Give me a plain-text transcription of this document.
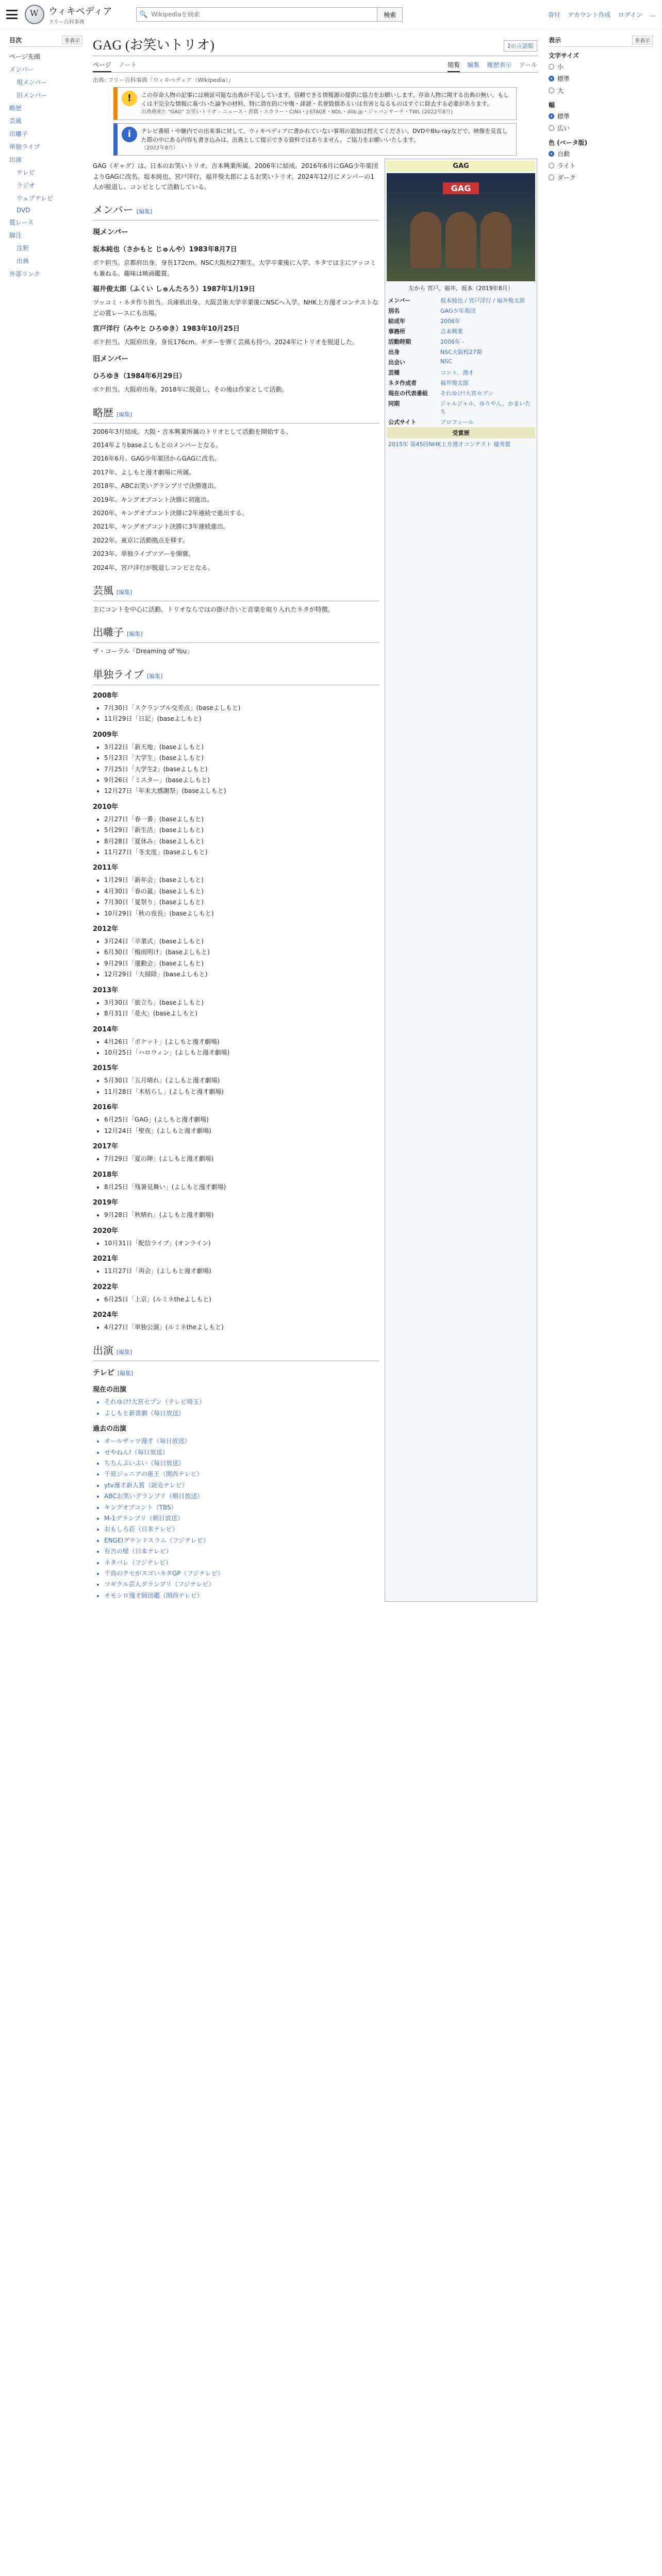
W
ウィキペディア
フリー百科事典
🔍
Wikipediaを検索	検索	寄付 アカウント作成 ログイン …
目次	非表示
ページ先頭
メンバー
現メンバー
旧メンバー
略歴
芸風
出囃子
単独ライブ
出演
テレビ
ラジオ
ウェブテレビ
DVD
賞レース
脚注
注釈
出典
外部リンク
GAG (お笑いトリオ)	2の言語版
ページ ノート	閲覧 編集 履歴表示 ツール
出典: フリー百科事典『ウィキペディア（Wikipedia）』
!	この存命人物の記事には検証可能な出典が不足しています。信頼できる情報源の提供に協力をお願いします。存命人物に関する出典の無い、もしくは不完全な情報に基づいた論争の材料、特に潜在的に中傷・誹謗・名誉毀損あるいは有害となるものはすぐに除去する必要があります。
出典検索?: "GAG" お笑いトリオ – ニュース・書籍・スカラー・CiNii・J-STAGE・NDL・dlib.jp・ジャパンサーチ・TWL (2022年8月)
i	テレビ番組・中継内での出来事に対して、ウィキペディアに書かれていない事項の追加は控えてください。DVDやBlu-rayなどで、映像を見直した際の中にある内容も書き込みは、出典として提示できる資料ではありません。ご協力をお願いいたします。
（2022年8月）

GAG（ギャグ）は、日本のお笑いトリオ。吉本興業所属。2006年に結成。2016年6月にGAG少年楽団よりGAGに改名。坂本純也、宮戸洋行、福井俊太郎によるお笑いトリオ。2024年12月にメンバーの1人が脱退し、コンビとして活動している。

メンバー [編集]
現メンバー
坂本純也（さかもと じゅんや）1983年8月7日

ボケ担当。京都府出身。身長172cm。NSC大阪校27期生。大学卒業後に入学。ネタでは主にツッコミも兼ねる。趣味は映画鑑賞。

福井俊太郎（ふくい しゅんたろう）1987年1月19日

ツッコミ・ネタ作り担当。兵庫県出身。大阪芸術大学卒業後にNSCへ入学。NHK上方漫才コンテストなどの賞レースにも出場。

宮戸洋行（みやと ひろゆき）1983年10月25日

ボケ担当。大阪府出身。身長176cm。ギターを弾く芸風も持つ。2024年にトリオを脱退した。

旧メンバー
ひろゆき（1984年6月29日）

ボケ担当。大阪府出身。2018年に脱退し、その後は作家として活動。

略歴 [編集]

2006年3月結成。大阪・吉本興業所属のトリオとして活動を開始する。

2014年よりbaseよしもとのメンバーとなる。

2016年6月、GAG少年楽団からGAGに改名。

2017年、よしもと漫才劇場に所属。

2018年、ABCお笑いグランプリで決勝進出。

2019年、キングオブコント決勝に初進出。

2020年、キングオブコント決勝に2年連続で進出する。

2021年、キングオブコント決勝に3年連続進出。

2022年、東京に活動拠点を移す。

2023年、単独ライブツアーを開催。

2024年、宮戸洋行が脱退しコンビとなる。

芸風 [編集]

主にコントを中心に活動。トリオならではの掛け合いと音楽を取り入れたネタが特徴。

出囃子 [編集]

ザ・コーラル「Dreaming of You」

単独ライブ [編集]
2008年
• 7月30日「スクランブル交差点」(baseよしもと)
• 11月29日「日記」(baseよしもと)
2009年
• 3月22日「新天地」(baseよしもと)
• 5月23日「大学生」(baseよしもと)
• 7月25日「大学生2」(baseよしもと)
• 9月26日「ミスター」(baseよしもと)
• 12月27日「年末大感謝祭」(baseよしもと)
2010年
• 2月27日「春一番」(baseよしもと)
• 5月29日「新生活」(baseよしもと)
• 8月28日「夏休み」(baseよしもと)
• 11月27日「冬支度」(baseよしもと)
2011年
• 1月29日「新年会」(baseよしもと)
• 4月30日「春の嵐」(baseよしもと)
• 7月30日「夏祭り」(baseよしもと)
• 10月29日「秋の夜長」(baseよしもと)
2012年
• 3月24日「卒業式」(baseよしもと)
• 6月30日「梅雨明け」(baseよしもと)
• 9月29日「運動会」(baseよしもと)
• 12月29日「大掃除」(baseよしもと)
2013年
• 3月30日「旅立ち」(baseよしもと)
• 8月31日「花火」(baseよしもと)
2014年
• 4月26日「ポケット」(よしもと漫才劇場)
• 10月25日「ハロウィン」(よしもと漫才劇場)
2015年
• 5月30日「五月晴れ」(よしもと漫才劇場)
• 11月28日「木枯らし」(よしもと漫才劇場)
2016年
• 6月25日「GAG」(よしもと漫才劇場)
• 12月24日「聖夜」(よしもと漫才劇場)
2017年
• 7月29日「夏の陣」(よしもと漫才劇場)
2018年
• 8月25日「残暑見舞い」(よしもと漫才劇場)
2019年
• 9月28日「秋晴れ」(よしもと漫才劇場)
2020年
• 10月31日「配信ライブ」(オンライン)
2021年
• 11月27日「再会」(よしもと漫才劇場)
2022年
• 6月25日「上京」(ルミネtheよしもと)
2024年
• 4月27日「単独公演」(ルミネtheよしもと)
出演 [編集]
テレビ [編集]
現在の出演
• それゆけ!大宮セブン（テレビ埼玉）
• よしもと新喜劇（毎日放送）
過去の出演
• オールザッツ漫才（毎日放送）
• せやねん!（毎日放送）
• ちちんぷいぷい（毎日放送）
• 千原ジュニアの座王（関西テレビ）
• ytv漫才新人賞（読売テレビ）
• ABCお笑いグランプリ（朝日放送）
• キングオブコント（TBS）
• M-1グランプリ（朝日放送）
• おもしろ荘（日本テレビ）
• ENGEIグランドスラム（フジテレビ）
• 有吉の壁（日本テレビ）
• ネタパレ（フジテレビ）
• 千鳥のクセがスゴいネタGP（フジテレビ）
• ツギクル芸人グランプリ（フジテレビ）
• オモシロ漫才師図鑑（関西テレビ）
GAG
GAG
左から 宮戸、福井、坂本（2019年8月）
メンバー	坂本純也 / 宮戸洋行 / 福井俊太郎
別名	GAG少年楽団
結成年	2006年
事務所	吉本興業
活動時期	2006年 -
出身	NSC大阪校27期
出会い	NSC
芸種	コント、漫才
ネタ作成者	福井俊太郎
現在の代表番組	それゆけ!大宮セブン
同期	ジャルジャル、ゆりやん、かまいたち
公式サイト	プロフィール
受賞歴
2015年 第45回NHK上方漫才コンテスト 優秀賞
表示	非表示
文字サイズ
小
標準
大
幅
標準
広い
色 (ベータ版)
自動
ライト
ダーク
